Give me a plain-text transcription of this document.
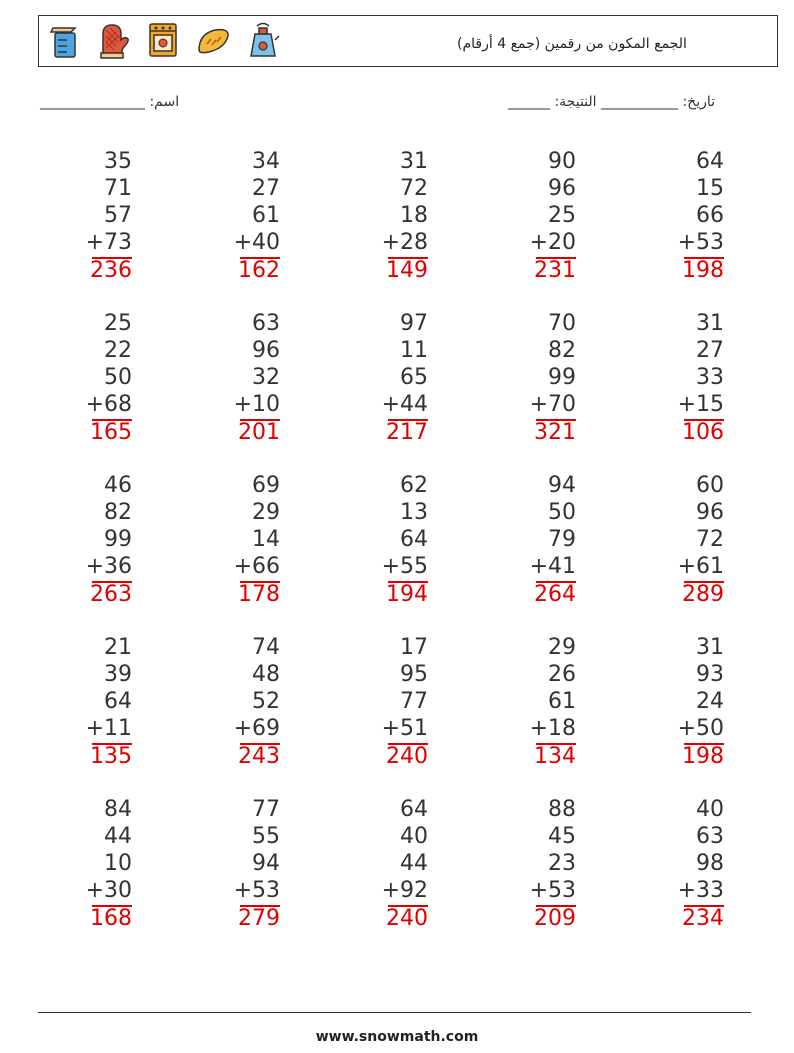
الجمع المكون من رقمين (جمع 4 أرقام)
_______________ :اسم	______ :تاريخ: ___________ النتيجة
35
71
57
+73
236
34
27
61
+40
162
31
72
18
+28
149
90
96
25
+20
231
64
15
66
+53
198
25
22
50
+68
165
63
96
32
+10
201
97
11
65
+44
217
70
82
99
+70
321
31
27
33
+15
106
46
82
99
+36
263
69
29
14
+66
178
62
13
64
+55
194
94
50
79
+41
264
60
96
72
+61
289
21
39
64
+11
135
74
48
52
+69
243
17
95
77
+51
240
29
26
61
+18
134
31
93
24
+50
198
84
44
10
+30
168
77
55
94
+53
279
64
40
44
+92
240
88
45
23
+53
209
40
63
98
+33
234
www.snowmath.com
